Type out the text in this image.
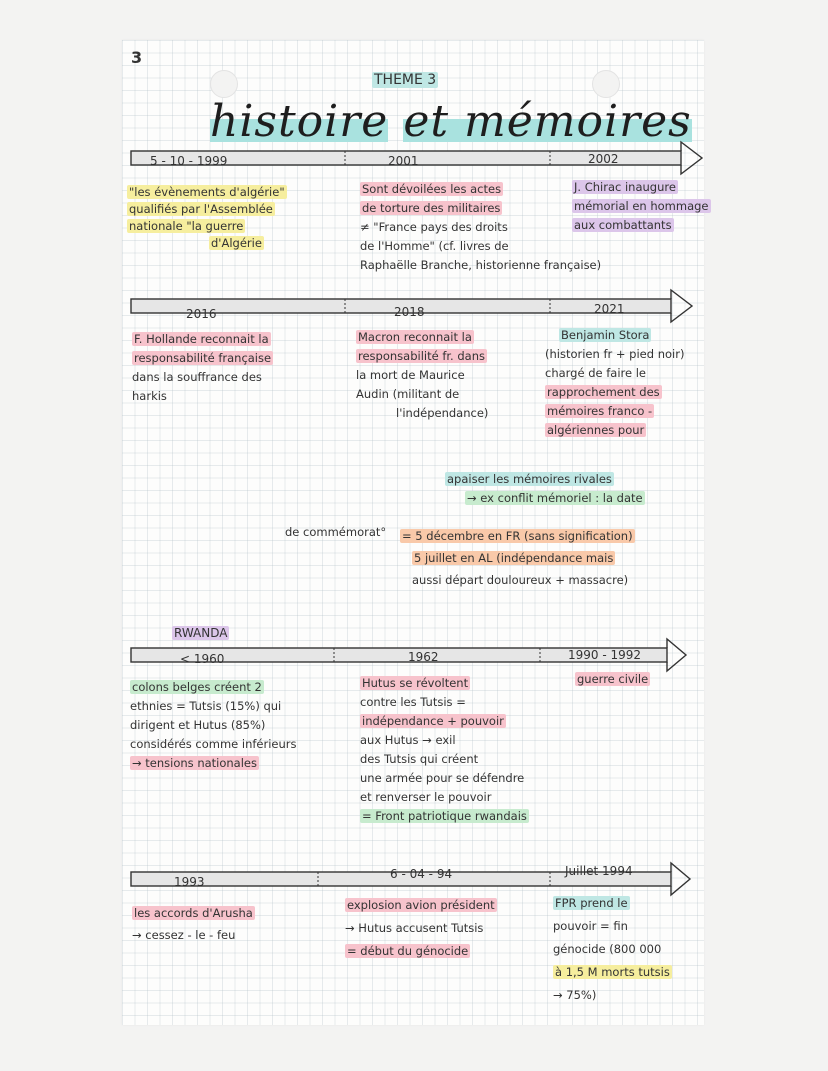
3
THEME 3
histoire et mémoires
5 - 10 - 1999	2001	2002
"les évènements d'algérie"
qualifiés par l'Assemblée
nationale "la guerre
d'Algérie
Sont dévoilées les actes
de torture des militaires
≠ "France pays des droits
de l'Homme" (cf. livres de
Raphaëlle Branche, historienne française)
J. Chirac inaugure
mémorial en hommage
aux combattants
2016	2018	2021
F. Hollande reconnait la
responsabilité française
dans la souffrance des
harkis
Macron reconnait la
responsabilité fr. dans
la mort de Maurice
Audin (militant de
l'indépendance)
Benjamin Stora
(historien fr + pied noir)
chargé de faire le
rapprochement des
mémoires franco -
algériennes pour
apaiser les mémoires rivales
→ ex conflit mémoriel : la date
de commémorat° = 5 décembre en FR (sans signification)
5 juillet en AL (indépendance mais
aussi départ douloureux + massacre)
RWANDA
< 1960	1962	1990 - 1992
colons belges créent 2
ethnies = Tutsis (15%) qui
dirigent et Hutus (85%)
considérés comme inférieurs
→ tensions nationales
Hutus se révoltent
contre les Tutsis =
indépendance + pouvoir
aux Hutus → exil
des Tutsis qui créent
une armée pour se défendre
et renverser le pouvoir
= Front patriotique rwandais
guerre civile
1993
6 - 04 - 94	Juillet 1994
les accords d'Arusha
→ cessez - le - feu
explosion avion président
→ Hutus accusent Tutsis
= début du génocide
FPR prend le
pouvoir = fin
génocide (800 000
à 1,5 M morts tutsis
→ 75%)
